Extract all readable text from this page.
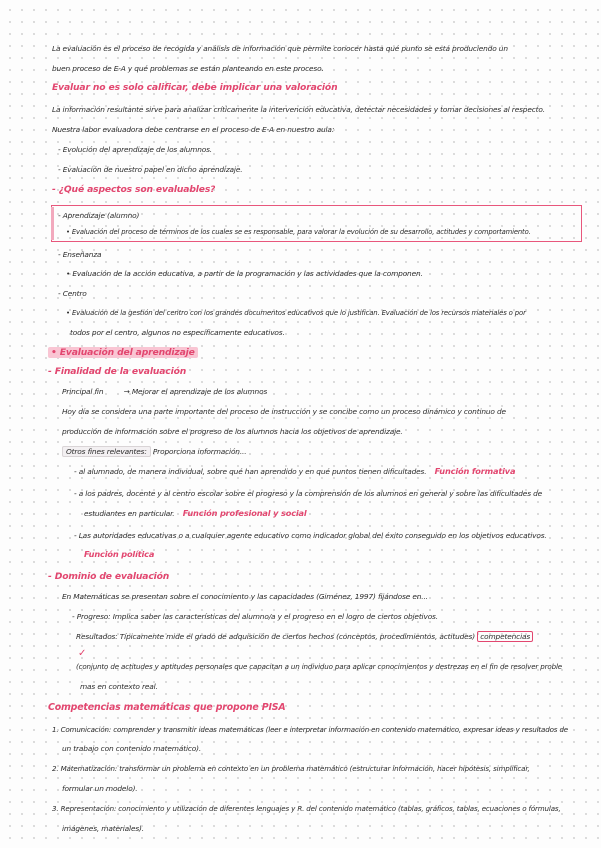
La evaluación es el proceso de recogida y análisis de información que permite conocer hasta qué punto se está produciendo un
buen proceso de E-A y qué problemas se están planteando en este proceso.
Evaluar no es solo calificar, debe implicar una valoración
La información resultante sirve para analizar críticamente la intervención educativa, detectar necesidades y tomar decisiones al respecto.
Nuestra labor evaluadora debe centrarse en el proceso de E-A en nuestro aula:
- Evolución del aprendizaje de los alumnos.
- Evaluación de nuestro papel en dicho aprendizaje.
- ¿Qué aspectos son evaluables?
- Aprendizaje (alumno)
• Evaluación del proceso de términos de los cuales se es responsable, para valorar la evolución de su desarrollo, actitudes y comportamiento.
- Enseñanza
• Evaluación de la acción educativa, a partir de la programación y las actividades que la componen.
- Centro
• Evaluación de la gestión del centro con los grandes documentos educativos que lo justifican. Evaluación de los recursos materiales o por
todos por el centro, algunos no específicamente educativos.
• Evaluación del aprendizaje
- Finalidad de la evaluación
Principal fin	→ Mejorar el aprendizaje de los alumnos
Hoy día se considera una parte importante del proceso de instrucción y se concibe como un proceso dinámico y continuo de
producción de información sobre el progreso de los alumnos hacia los objetivos de aprendizaje.
Otros fines relevantes: Proporciona información...
- al alumnado, de manera individual, sobre qué han aprendido y en qué puntos tienen dificultades. Función formativa
- a los padres, docente y al centro escolar sobre el progreso y la comprensión de los alumnos en general y sobre las dificultades de
estudiantes en particular. Función profesional y social
- Las autoridades educativas o a cualquier agente educativo como indicador global del éxito conseguido en los objetivos educativos.
Función política
- Dominio de evaluación
En Matemáticas se presentan sobre el conocimiento y las capacidades (Giménez, 1997) fijándose en...
- Progreso: Implica saber las características del alumno/a y el progreso en el logro de ciertos objetivos.
Resultados: Típicamente mide el grado de adquisición de ciertos hechos (conceptos, procedimientos, actitudes) competencias
✓
(conjunto de actitudes y aptitudes personales que capacitan a un individuo para aplicar conocimientos y destrezas en el fin de resolver proble
mas en contexto real.
Competencias matemáticas que propone PISA
1. Comunicación: comprender y transmitir ideas matemáticas (leer e interpretar información en contenido matemático, expresar ideas y resultados de
un trabajo con contenido matemático).
2. Matematización: transformar un problema en contexto en un problema matemático (estructurar información, hacer hipótesis, simplificar,
formular un modelo).
3. Representación: conocimiento y utilización de diferentes lenguajes y R. del contenido matemático (tablas, gráficos, tablas, ecuaciones o fórmulas,
imágenes, materiales).
